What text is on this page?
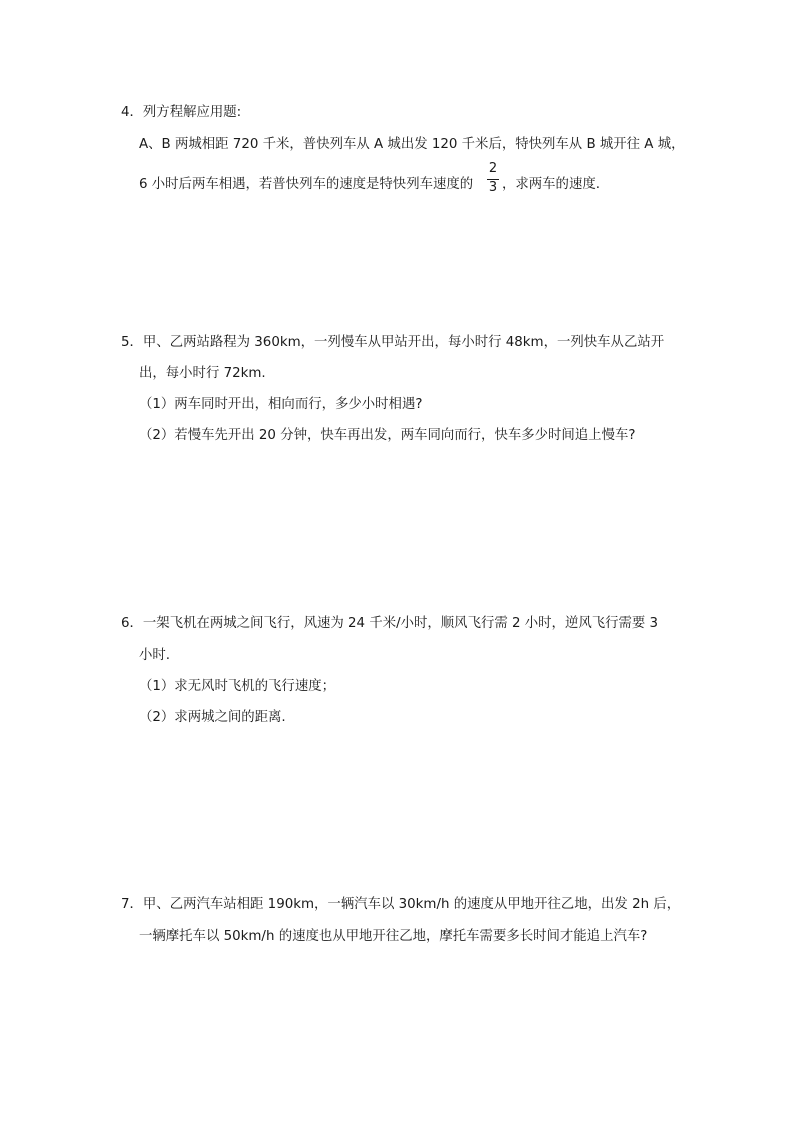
4．列方程解应用题:
A、B 两城相距 720 千米，普快列车从 A 城出发 120 千米后，特快列车从 B 城开往 A 城，
6 小时后两车相遇，若普快列车的速度是特快列车速度的
2
3 ，求两车的速度.
5．甲、乙两站路程为 360km，一列慢车从甲站开出，每小时行 48km，一列快车从乙站开
出，每小时行 72km.
（1）两车同时开出，相向而行，多少小时相遇?
（2）若慢车先开出 20 分钟，快车再出发，两车同向而行，快车多少时间追上慢车?
6．一架飞机在两城之间飞行，风速为 24 千米/小时，顺风飞行需 2 小时，逆风飞行需要 3
小时.
（1）求无风时飞机的飞行速度；
（2）求两城之间的距离.
7．甲、乙两汽车站相距 190km，一辆汽车以 30km/h 的速度从甲地开往乙地，出发 2h 后，
一辆摩托车以 50km/h 的速度也从甲地开往乙地，摩托车需要多长时间才能追上汽车?
